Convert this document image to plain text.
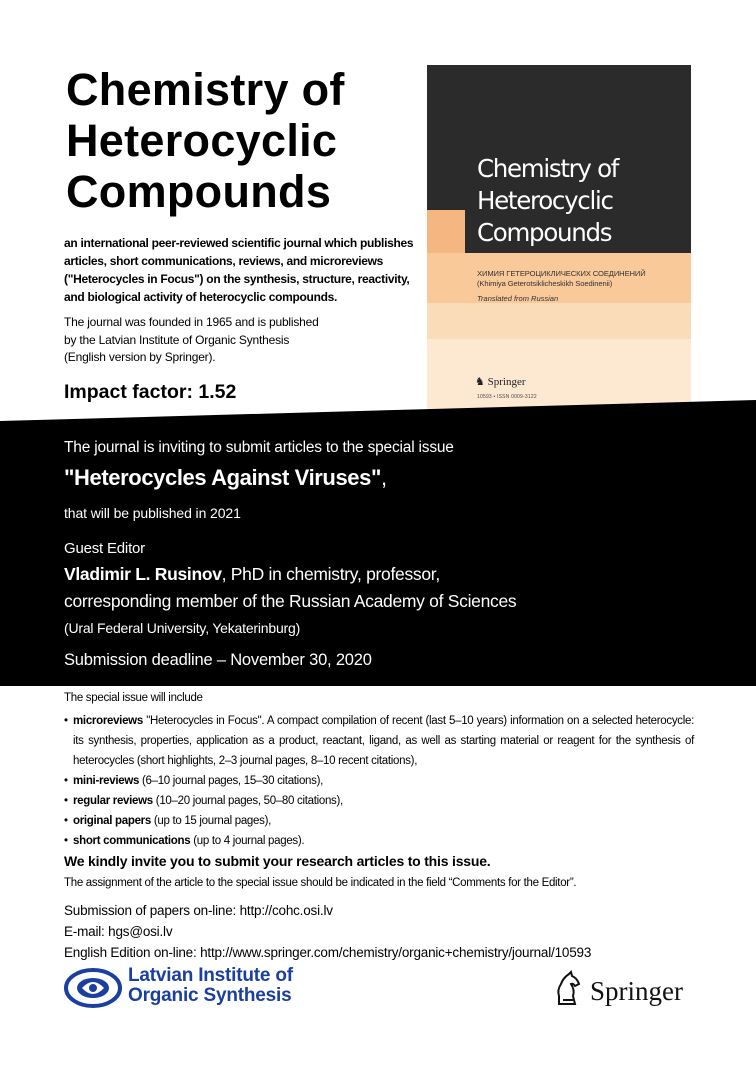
Chemistry of
Heterocyclic
Compounds
an international peer-reviewed scientific journal which publishes articles, short communications, reviews, and microreviews ("Heterocycles in Focus") on the synthesis, structure, reactivity, and biological activity of heterocyclic compounds.
The journal was founded in 1965 and is published
by the Latvian Institute of Organic Synthesis
(English version by Springer).
Impact factor: 1.52
Chemistry of
Heterocyclic
Compounds
ХИМИЯ ГЕТЕРОЦИКЛИЧЕСКИХ СОЕДИНЕНИЙ
(Khimiya Geterotsiklicheskikh Soedinenii)
Translated from Russian
♞ Springer
10593 • ISSN 0009-3122
The journal is inviting to submit articles to the special issue
"Heterocycles Against Viruses",
that will be published in 2021
Guest Editor
Vladimir L. Rusinov, PhD in chemistry, professor,
corresponding member of the Russian Academy of Sciences
(Ural Federal University, Yekaterinburg)
Submission deadline – November 30, 2020
The special issue will include
• microreviews "Heterocycles in Focus". A compact compilation of recent (last 5–10 years) information on a selected heterocycle: its synthesis, properties, application as a product, reactant, ligand, as well as starting material or reagent for the synthesis of heterocycles (short highlights, 2–3 journal pages, 8–10 recent citations),
• mini-reviews (6–10 journal pages, 15–30 citations),
• regular reviews (10–20 journal pages, 50–80 citations),
• original papers (up to 15 journal pages),
• short communications (up to 4 journal pages).
We kindly invite you to submit your research articles to this issue.
The assignment of the article to the special issue should be indicated in the field “Comments for the Editor”.
Submission of papers on-line: http://cohc.osi.lv
E-mail: hgs@osi.lv
English Edition on-line: http://www.springer.com/chemistry/organic+chemistry/journal/10593
Latvian Institute of
Organic Synthesis	Springer
